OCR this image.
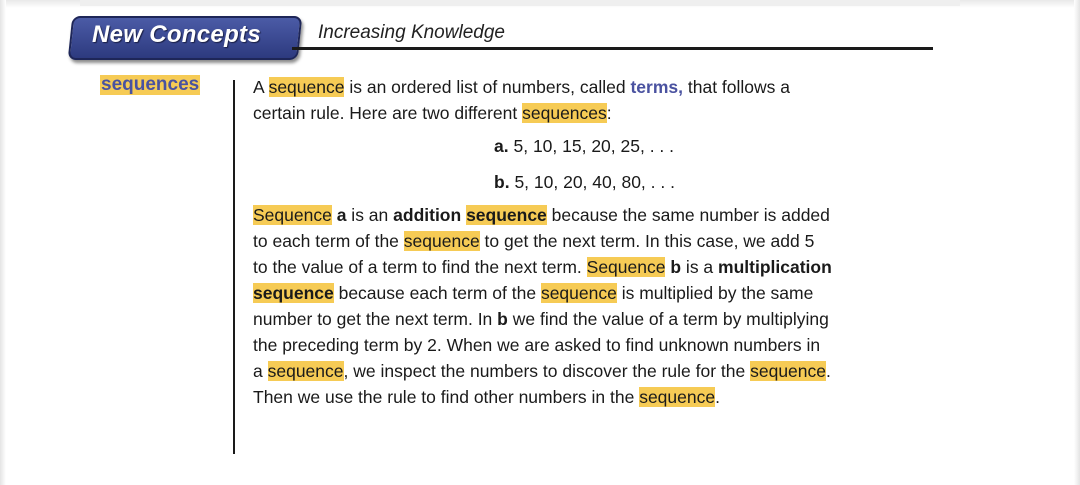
New Concepts	Increasing Knowledge
sequences	A sequence is an ordered list of numbers, called terms, that follows a

certain rule. Here are two different sequences:

a. 5, 10, 15, 20, 25, . . .
b. 5, 10, 20, 40, 80, . . .

Sequence a is an addition sequence because the same number is added

to each term of the sequence to get the next term. In this case, we add 5

to the value of a term to find the next term. Sequence b is a multiplication

sequence because each term of the sequence is multiplied by the same

number to get the next term. In b we find the value of a term by multiplying

the preceding term by 2. When we are asked to find unknown numbers in

a sequence, we inspect the numbers to discover the rule for the sequence.

Then we use the rule to find other numbers in the sequence.
